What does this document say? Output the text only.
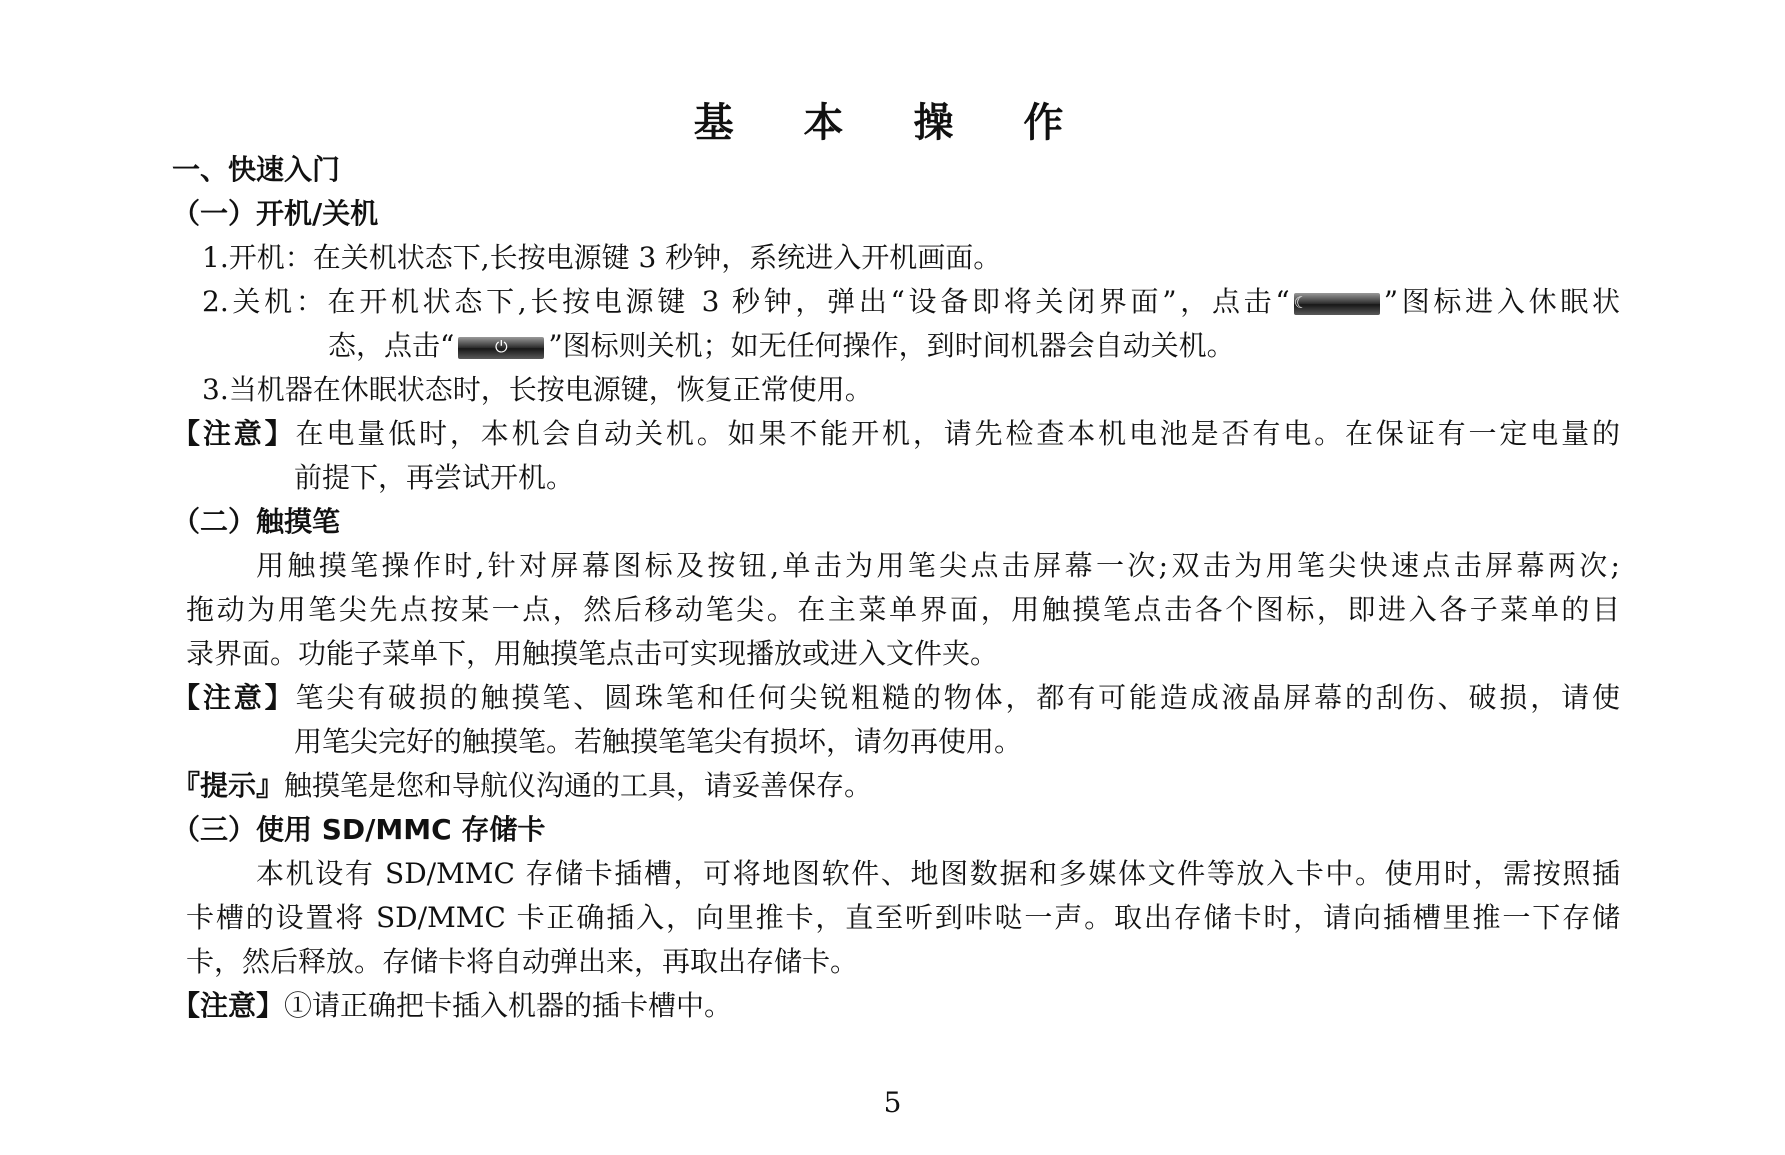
基 本 操 作
一、快速入门
（一）开机/关机
1.开机：在关机状态下,长按电源键 3 秒钟，系统进入开机画面。
2.关机：在开机状态下,长按电源键 3 秒钟，弹出“设备即将关闭界面”，点击“ ☾	”图标进入休眠状
态，点击“	⏻	”图标则关机；如无任何操作，到时间机器会自动关机。
3.当机器在休眠状态时，长按电源键，恢复正常使用。
【注意】在电量低时，本机会自动关机。如果不能开机，请先检查本机电池是否有电。在保证有一定电量的
前提下，再尝试开机。
（二）触摸笔
用触摸笔操作时,针对屏幕图标及按钮,单击为用笔尖点击屏幕一次;双击为用笔尖快速点击屏幕两次;
拖动为用笔尖先点按某一点，然后移动笔尖。在主菜单界面，用触摸笔点击各个图标，即进入各子菜单的目
录界面。功能子菜单下，用触摸笔点击可实现播放或进入文件夹。
【注意】笔尖有破损的触摸笔、圆珠笔和任何尖锐粗糙的物体，都有可能造成液晶屏幕的刮伤、破损，请使
用笔尖完好的触摸笔。若触摸笔笔尖有损坏，请勿再使用。
『提示』触摸笔是您和导航仪沟通的工具，请妥善保存。
（三）使用 SD/MMC 存储卡
本机设有 SD/MMC 存储卡插槽，可将地图软件、地图数据和多媒体文件等放入卡中。使用时，需按照插
卡槽的设置将 SD/MMC 卡正确插入，向里推卡，直至听到咔哒一声。取出存储卡时，请向插槽里推一下存储
卡，然后释放。存储卡将自动弹出来，再取出存储卡。
【注意】①请正确把卡插入机器的插卡槽中。
5
